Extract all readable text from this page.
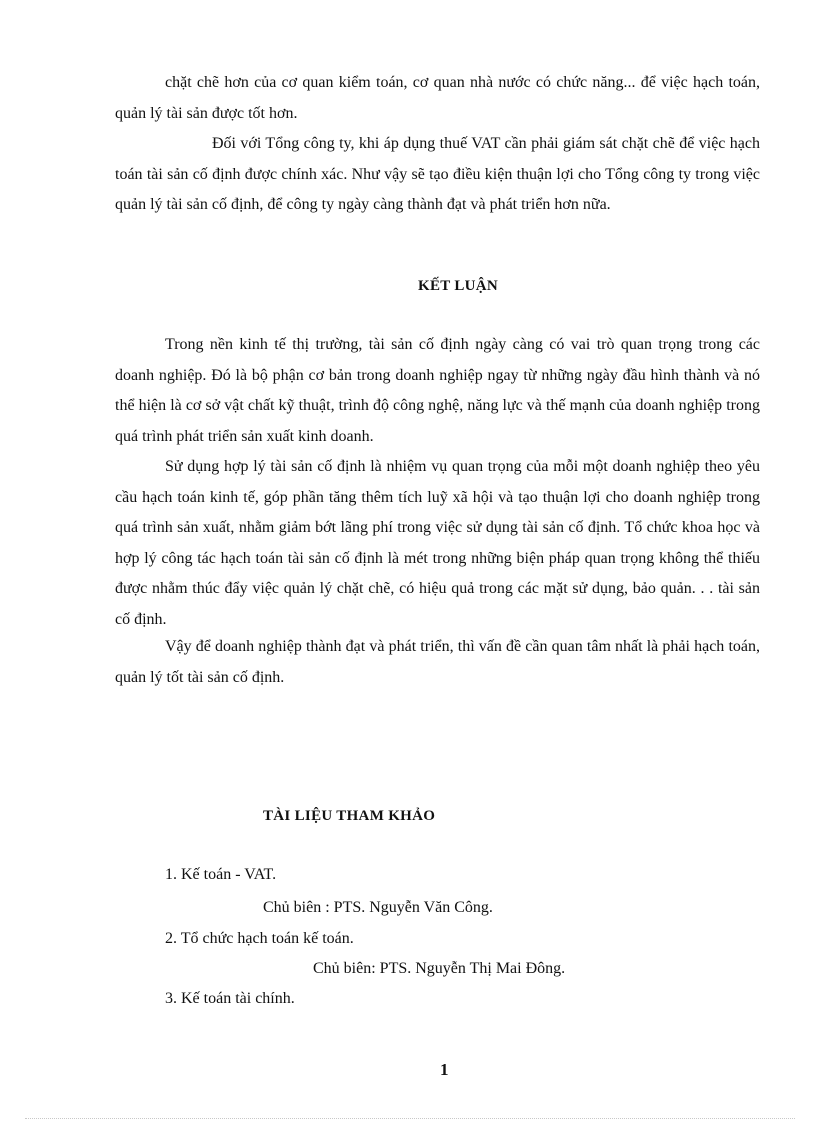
chặt chẽ hơn của cơ quan kiểm toán, cơ quan nhà nước có chức năng... để việc hạch toán, quản lý tài sản được tốt hơn.

Đối với Tổng công ty, khi áp dụng thuế VAT cần phải giám sát chặt chẽ để việc hạch toán tài sản cố định được chính xác. Như vậy sẽ tạo điều kiện thuận lợi cho Tổng công ty trong việc quản lý tài sản cố định, để công ty ngày càng thành đạt và phát triển hơn nữa.

KẾT LUẬN

Trong nền kinh tế thị trường, tài sản cố định ngày càng có vai trò quan trọng trong các doanh nghiệp. Đó là bộ phận cơ bản trong doanh nghiệp ngay từ những ngày đầu hình thành và nó thể hiện là cơ sở vật chất kỹ thuật, trình độ công nghệ, năng lực và thế mạnh của doanh nghiệp trong quá trình phát triển sản xuất kinh doanh.

Sử dụng hợp lý tài sản cố định là nhiệm vụ quan trọng của mỗi một doanh nghiệp theo yêu cầu hạch toán kinh tế, góp phần tăng thêm tích luỹ xã hội và tạo thuận lợi cho doanh nghiệp trong quá trình sản xuất, nhằm giảm bớt lãng phí trong việc sử dụng tài sản cố định. Tổ chức khoa học và hợp lý công tác hạch toán tài sản cố định là mét trong những biện pháp quan trọng không thể thiếu được nhằm thúc đẩy việc quản lý chặt chẽ, có hiệu quả trong các mặt sử dụng, bảo quản. . . tài sản cố định.

Vậy để doanh nghiệp thành đạt và phát triển, thì vấn đề cần quan tâm nhất là phải hạch toán, quản lý tốt tài sản cố định.

TÀI LIỆU THAM KHẢO

1. Kế toán - VAT.

Chủ biên : PTS. Nguyễn Văn Công.

2. Tổ chức hạch toán kế toán.

Chủ biên: PTS. Nguyễn Thị Mai Đông.

3. Kế toán tài chính.

1
